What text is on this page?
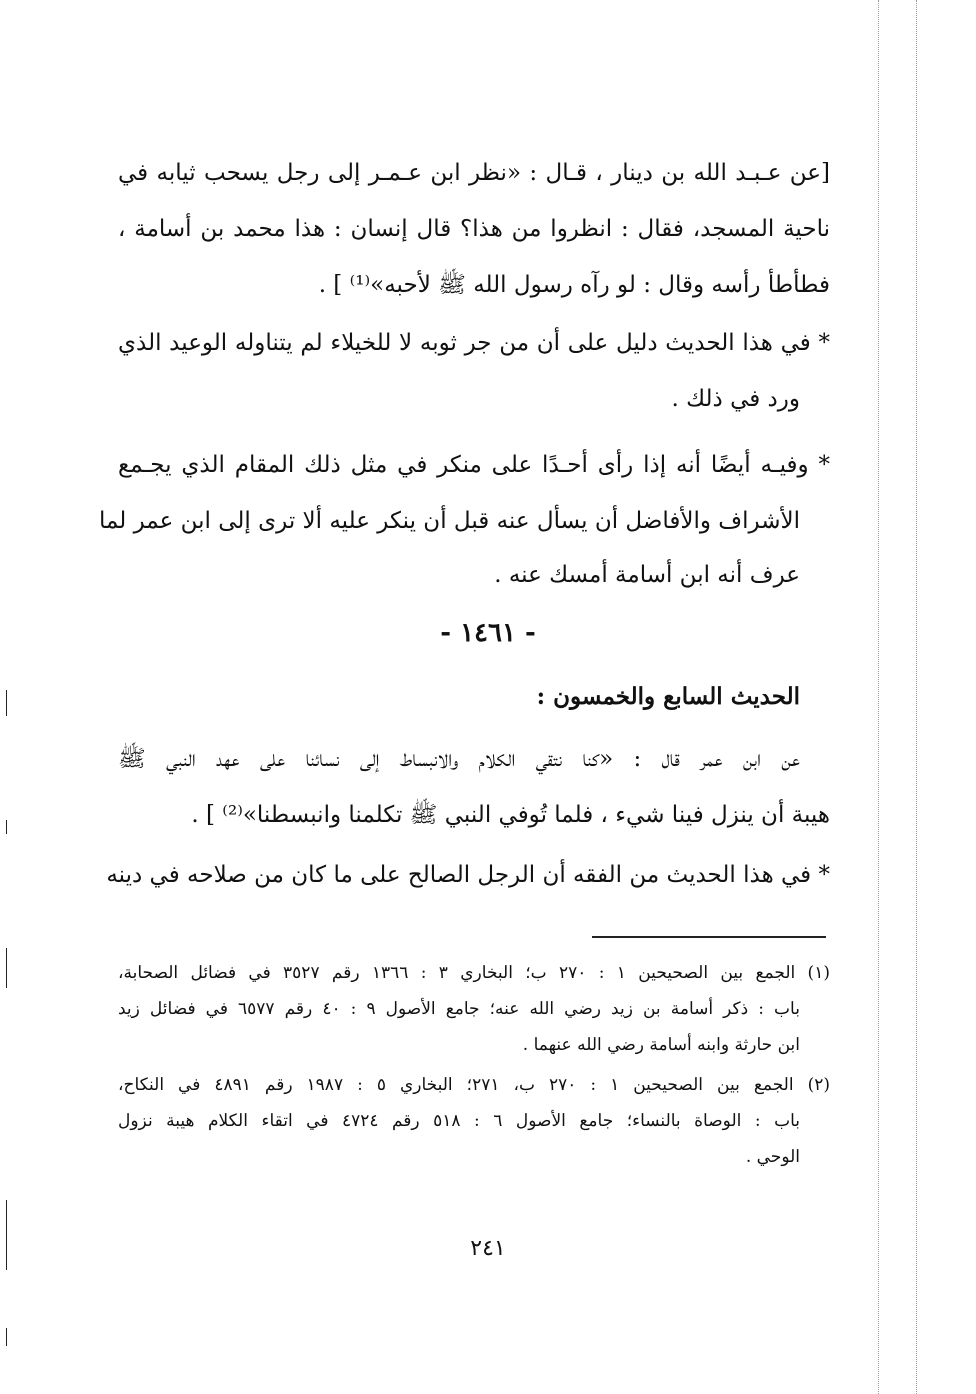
[عن عـبـد الله بن دينار ، قـال : «نظر ابن عـمـر إلى رجل يسحب ثيابه في
ناحية المسجد، فقال : انظروا من هذا؟ قال إنسان : هذا محمد بن أسامة ،
فطأطأ رأسه وقال : لو رآه رسول الله ﷺ لأحبه»⁽¹⁾ ] .
* في هذا الحديث دليل على أن من جر ثوبه لا للخيلاء لم يتناوله الوعيد الذي
ورد في ذلك .
* وفيـه أيضًا أنه إذا رأى أحـدًا على منكر في مثل ذلك المقام الذي يجـمع
الأشراف والأفاضل أن يسأل عنه قبل أن ينكر عليه ألا ترى إلى ابن عمر لما
عرف أنه ابن أسامة أمسك عنه .
- ١٤٦١ -
الحديث السابع والخمسون :
عن ابن عمر قال : «كنا نتقي الكلام والانبساط إلى نسائنا على عهد النبي ﷺ
هيبة أن ينزل فينا شيء ، فلما تُوفي النبي ﷺ تكلمنا وانبسطنا»⁽²⁾ ] .
* في هذا الحديث من الفقه أن الرجل الصالح على ما كان من صلاحه في دينه
(١) الجمع بين الصحيحين ١ : ٢٧٠ ب؛ البخاري ٣ : ١٣٦٦ رقم ٣٥٢٧ في فضائل الصحابة،
باب : ذكر أسامة بن زيد رضي الله عنه؛ جامع الأصول ٩ : ٤٠ رقم ٦٥٧٧ في فضائل زيد
ابن حارثة وابنه أسامة رضي الله عنهما .
(٢) الجمع بين الصحيحين ١ : ٢٧٠ ب، ٢٧١؛ البخاري ٥ : ١٩٨٧ رقم ٤٨٩١ في النكاح،
باب : الوصاة بالنساء؛ جامع الأصول ٦ : ٥١٨ رقم ٤٧٢٤ في اتقاء الكلام هيبة نزول
الوحي .
٢٤١
